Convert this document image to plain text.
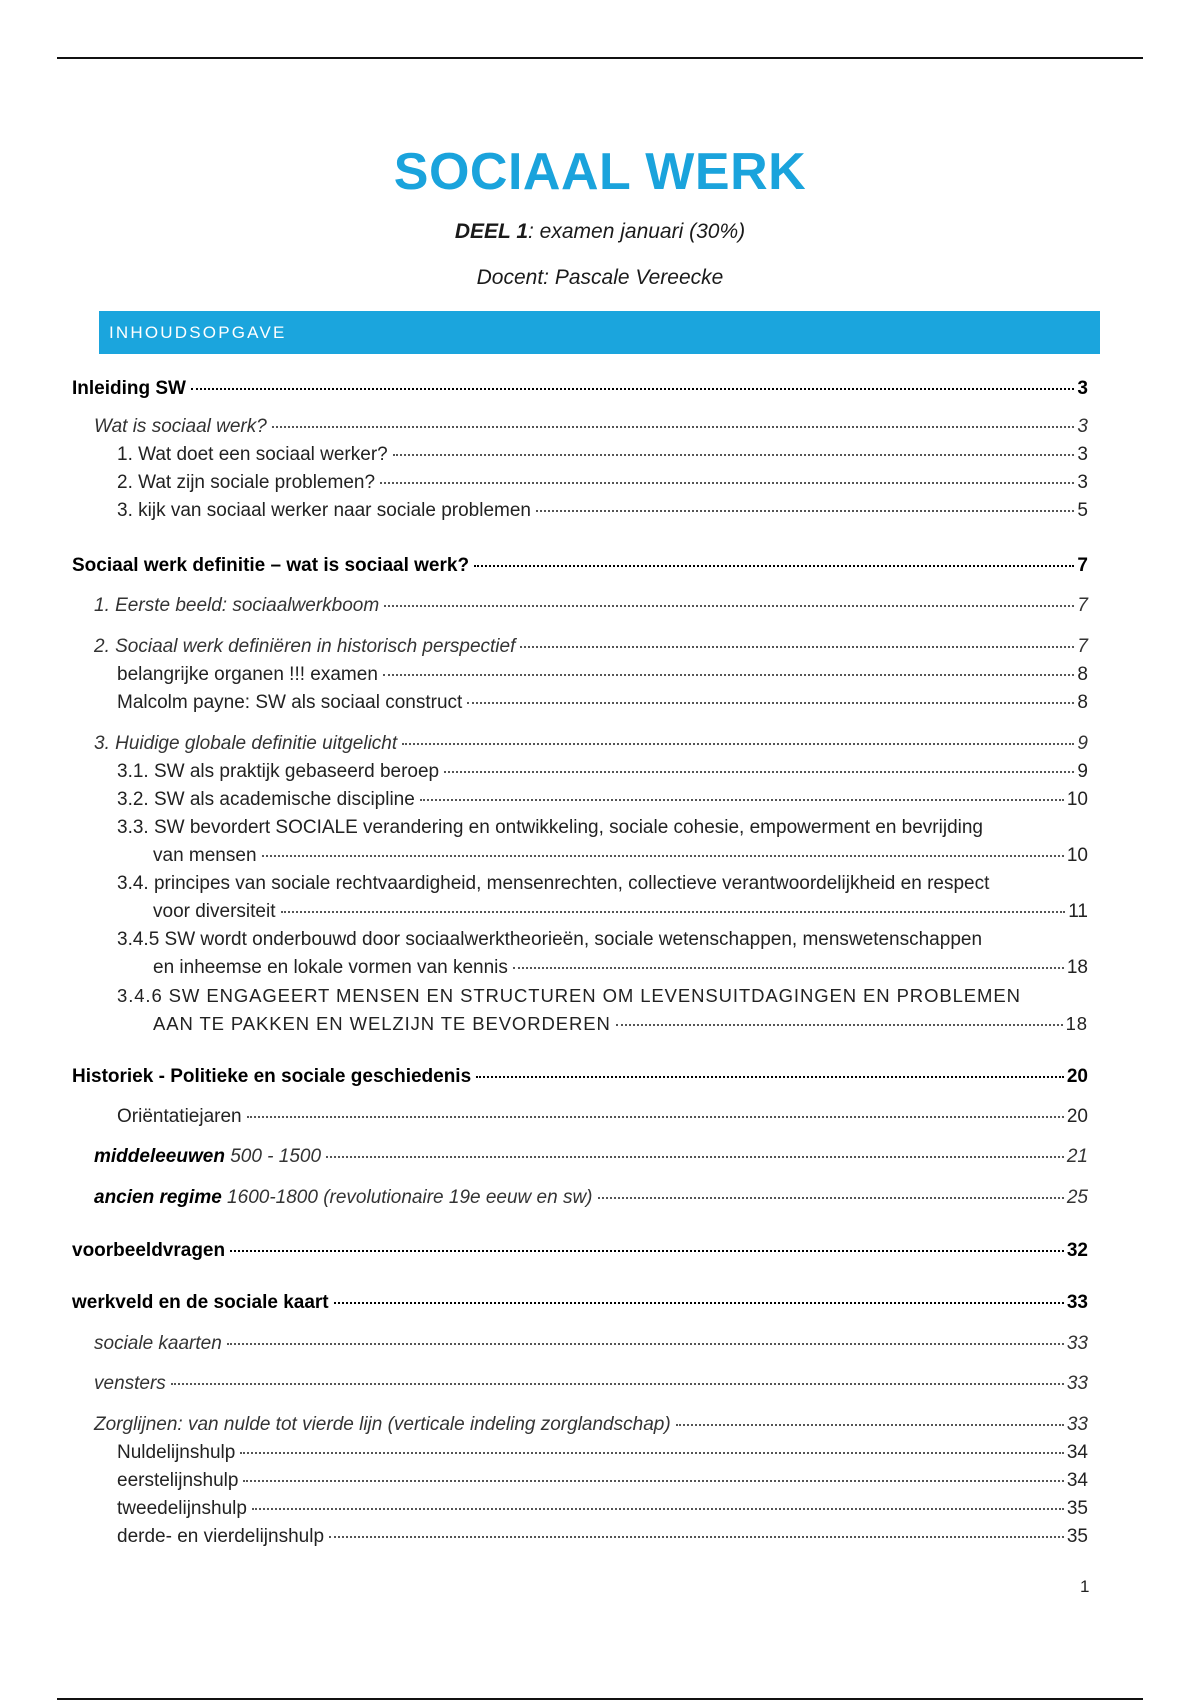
SOCIAAL WERK
DEEL 1: examen januari (30%)
Docent: Pascale Vereecke
INHOUDSOPGAVE
Inleiding SW	3
Wat is sociaal werk?	3
1. Wat doet een sociaal werker?	3
2. Wat zijn sociale problemen?	3
3. kijk van sociaal werker naar sociale problemen	5
Sociaal werk definitie – wat is sociaal werk?	7
1. Eerste beeld: sociaalwerkboom	7
2. Sociaal werk definiëren in historisch perspectief	7
belangrijke organen !!! examen	8
Malcolm payne: SW als sociaal construct	8
3. Huidige globale definitie uitgelicht	9
3.1. SW als praktijk gebaseerd beroep	9
3.2. SW als academische discipline	10
3.3. SW bevordert SOCIALE verandering en ontwikkeling, sociale cohesie, empowerment en bevrijding
van mensen	10
3.4. principes van sociale rechtvaardigheid, mensenrechten, collectieve verantwoordelijkheid en respect
voor diversiteit	11
3.4.5 SW wordt onderbouwd door sociaalwerktheorieën, sociale wetenschappen, menswetenschappen
en inheemse en lokale vormen van kennis	18
3.4.6 SW ENGAGEERT MENSEN EN STRUCTUREN OM LEVENSUITDAGINGEN EN PROBLEMEN
AAN TE PAKKEN EN WELZIJN TE BEVORDEREN	18
Historiek - Politieke en sociale geschiedenis	20
Oriëntatiejaren	20
middeleeuwen 500 - 1500	21
ancien regime 1600-1800 (revolutionaire 19e eeuw en sw)	25
voorbeeldvragen	32
werkveld en de sociale kaart	33
sociale kaarten	33
vensters	33
Zorglijnen: van nulde tot vierde lijn (verticale indeling zorglandschap)	33
Nuldelijnshulp	34
eerstelijnshulp	34
tweedelijnshulp	35
derde- en vierdelijnshulp	35
1
